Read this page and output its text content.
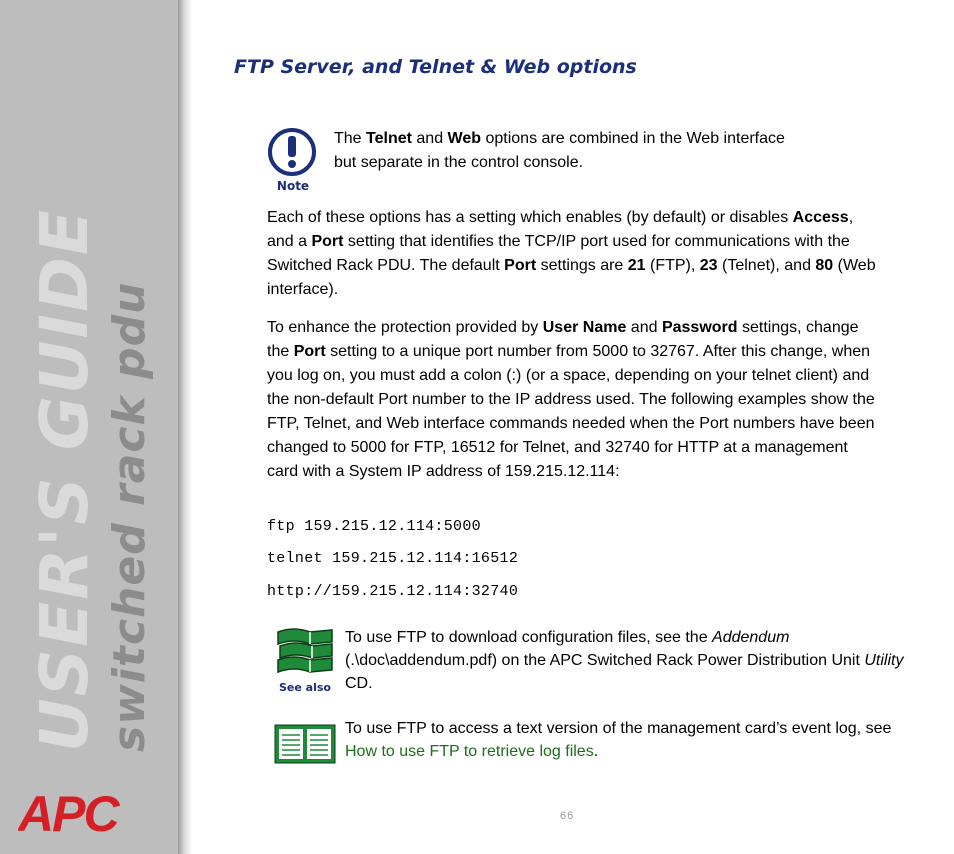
USER'S GUIDE switched rack pdu
APC
FTP Server, and Telnet & Web options
Note

The Telnet and Web options are combined in the Web interface but separate in the control console.

Each of these options has a setting which enables (by default) or disables Access, and a Port setting that identifies the TCP/IP port used for communications with the Switched Rack PDU. The default Port settings are 21 (FTP), 23 (Telnet), and 80 (Web interface).

To enhance the protection provided by User Name and Password settings, change the Port setting to a unique port number from 5000 to 32767. After this change, when you log on, you must add a colon (:) (or a space, depending on your telnet client) and the non-default Port number to the IP address used. The following examples show the FTP, Telnet, and Web interface commands needed when the Port numbers have been changed to 5000 for FTP, 16512 for Telnet, and 32740 for HTTP at a management card with a System IP address of 159.215.12.114:

ftp 159.215.12.114:5000
telnet 159.215.12.114:16512
http://159.215.12.114:32740
See also

To use FTP to download configuration files, see the Addendum (.\doc\addendum.pdf) on the APC Switched Rack Power Distribution Unit Utility CD.

To use FTP to access a text version of the management card’s event log, see How to use FTP to retrieve log files.

66
